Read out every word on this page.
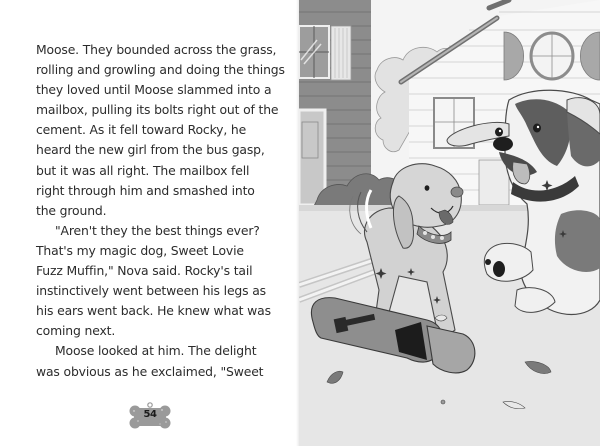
Moose. They bounded across the grass,
rolling and growling and doing the things
they loved until Moose slammed into a
mailbox, pulling its bolts right out of the
cement. As it fell toward Rocky, he
heard the new girl from the bus gasp,
but it was all right. The mailbox fell
right through him and smashed into
the ground.
"Aren't they the best things ever?
That's my magic dog, Sweet Lovie
Fuzz Muffin," Nova said. Rocky's tail
instinctively went between his legs as
his ears went back. He knew what was
coming next.
Moose looked at him. The delight
was obvious as he exclaimed, "Sweet
54
